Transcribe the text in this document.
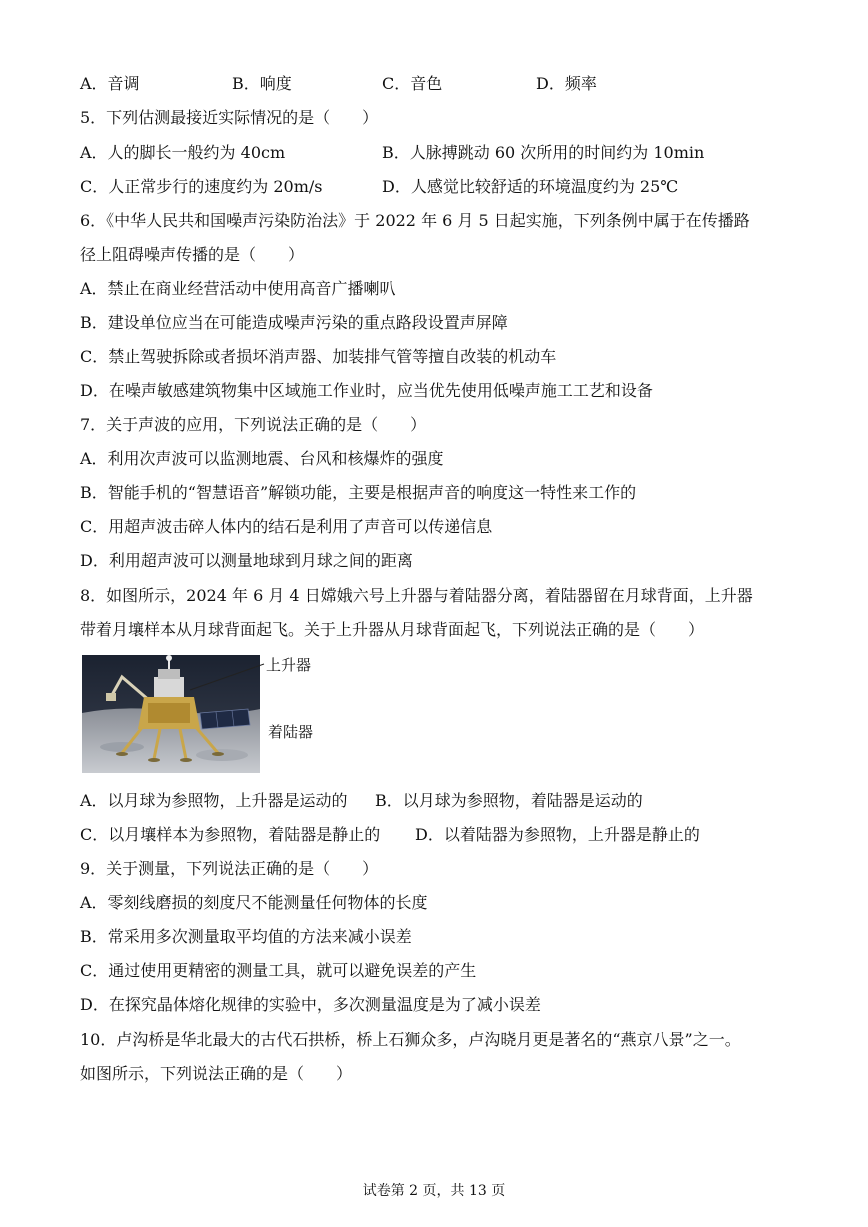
A．音调	B．响度	C．音色	D．频率
5．下列估测最接近实际情况的是（　　）
A．人的脚长一般约为 40cm	B．人脉搏跳动 60 次所用的时间约为 10min
C．人正常步行的速度约为 20m/s	D．人感觉比较舒适的环境温度约为 25℃
6．《中华人民共和国噪声污染防治法》于 2022 年 6 月 5 日起实施，下列条例中属于在传播路
径上阻碍噪声传播的是（　　）
A．禁止在商业经营活动中使用高音广播喇叭
B．建设单位应当在可能造成噪声污染的重点路段设置声屏障
C．禁止驾驶拆除或者损坏消声器、加装排气管等擅自改装的机动车
D．在噪声敏感建筑物集中区域施工作业时，应当优先使用低噪声施工工艺和设备
7．关于声波的应用，下列说法正确的是（　　）
A．利用次声波可以监测地震、台风和核爆炸的强度
B．智能手机的“智慧语音”解锁功能，主要是根据声音的响度这一特性来工作的
C．用超声波击碎人体内的结石是利用了声音可以传递信息
D．利用超声波可以测量地球到月球之间的距离
8．如图所示，2024 年 6 月 4 日嫦娥六号上升器与着陆器分离，着陆器留在月球背面，上升器
带着月壤样本从月球背面起飞。关于上升器从月球背面起飞，下列说法正确的是（　　）
上升器
着陆器
A．以月球为参照物，上升器是运动的 B．以月球为参照物，着陆器是运动的
C．以月壤样本为参照物，着陆器是静止的 D．以着陆器为参照物，上升器是静止的
9．关于测量，下列说法正确的是（　　）
A．零刻线磨损的刻度尺不能测量任何物体的长度
B．常采用多次测量取平均值的方法来减小误差
C．通过使用更精密的测量工具，就可以避免误差的产生
D．在探究晶体熔化规律的实验中，多次测量温度是为了减小误差
10．卢沟桥是华北最大的古代石拱桥，桥上石狮众多，卢沟晓月更是著名的“燕京八景”之一。
如图所示，下列说法正确的是（　　）
试卷第 2 页，共 13 页
